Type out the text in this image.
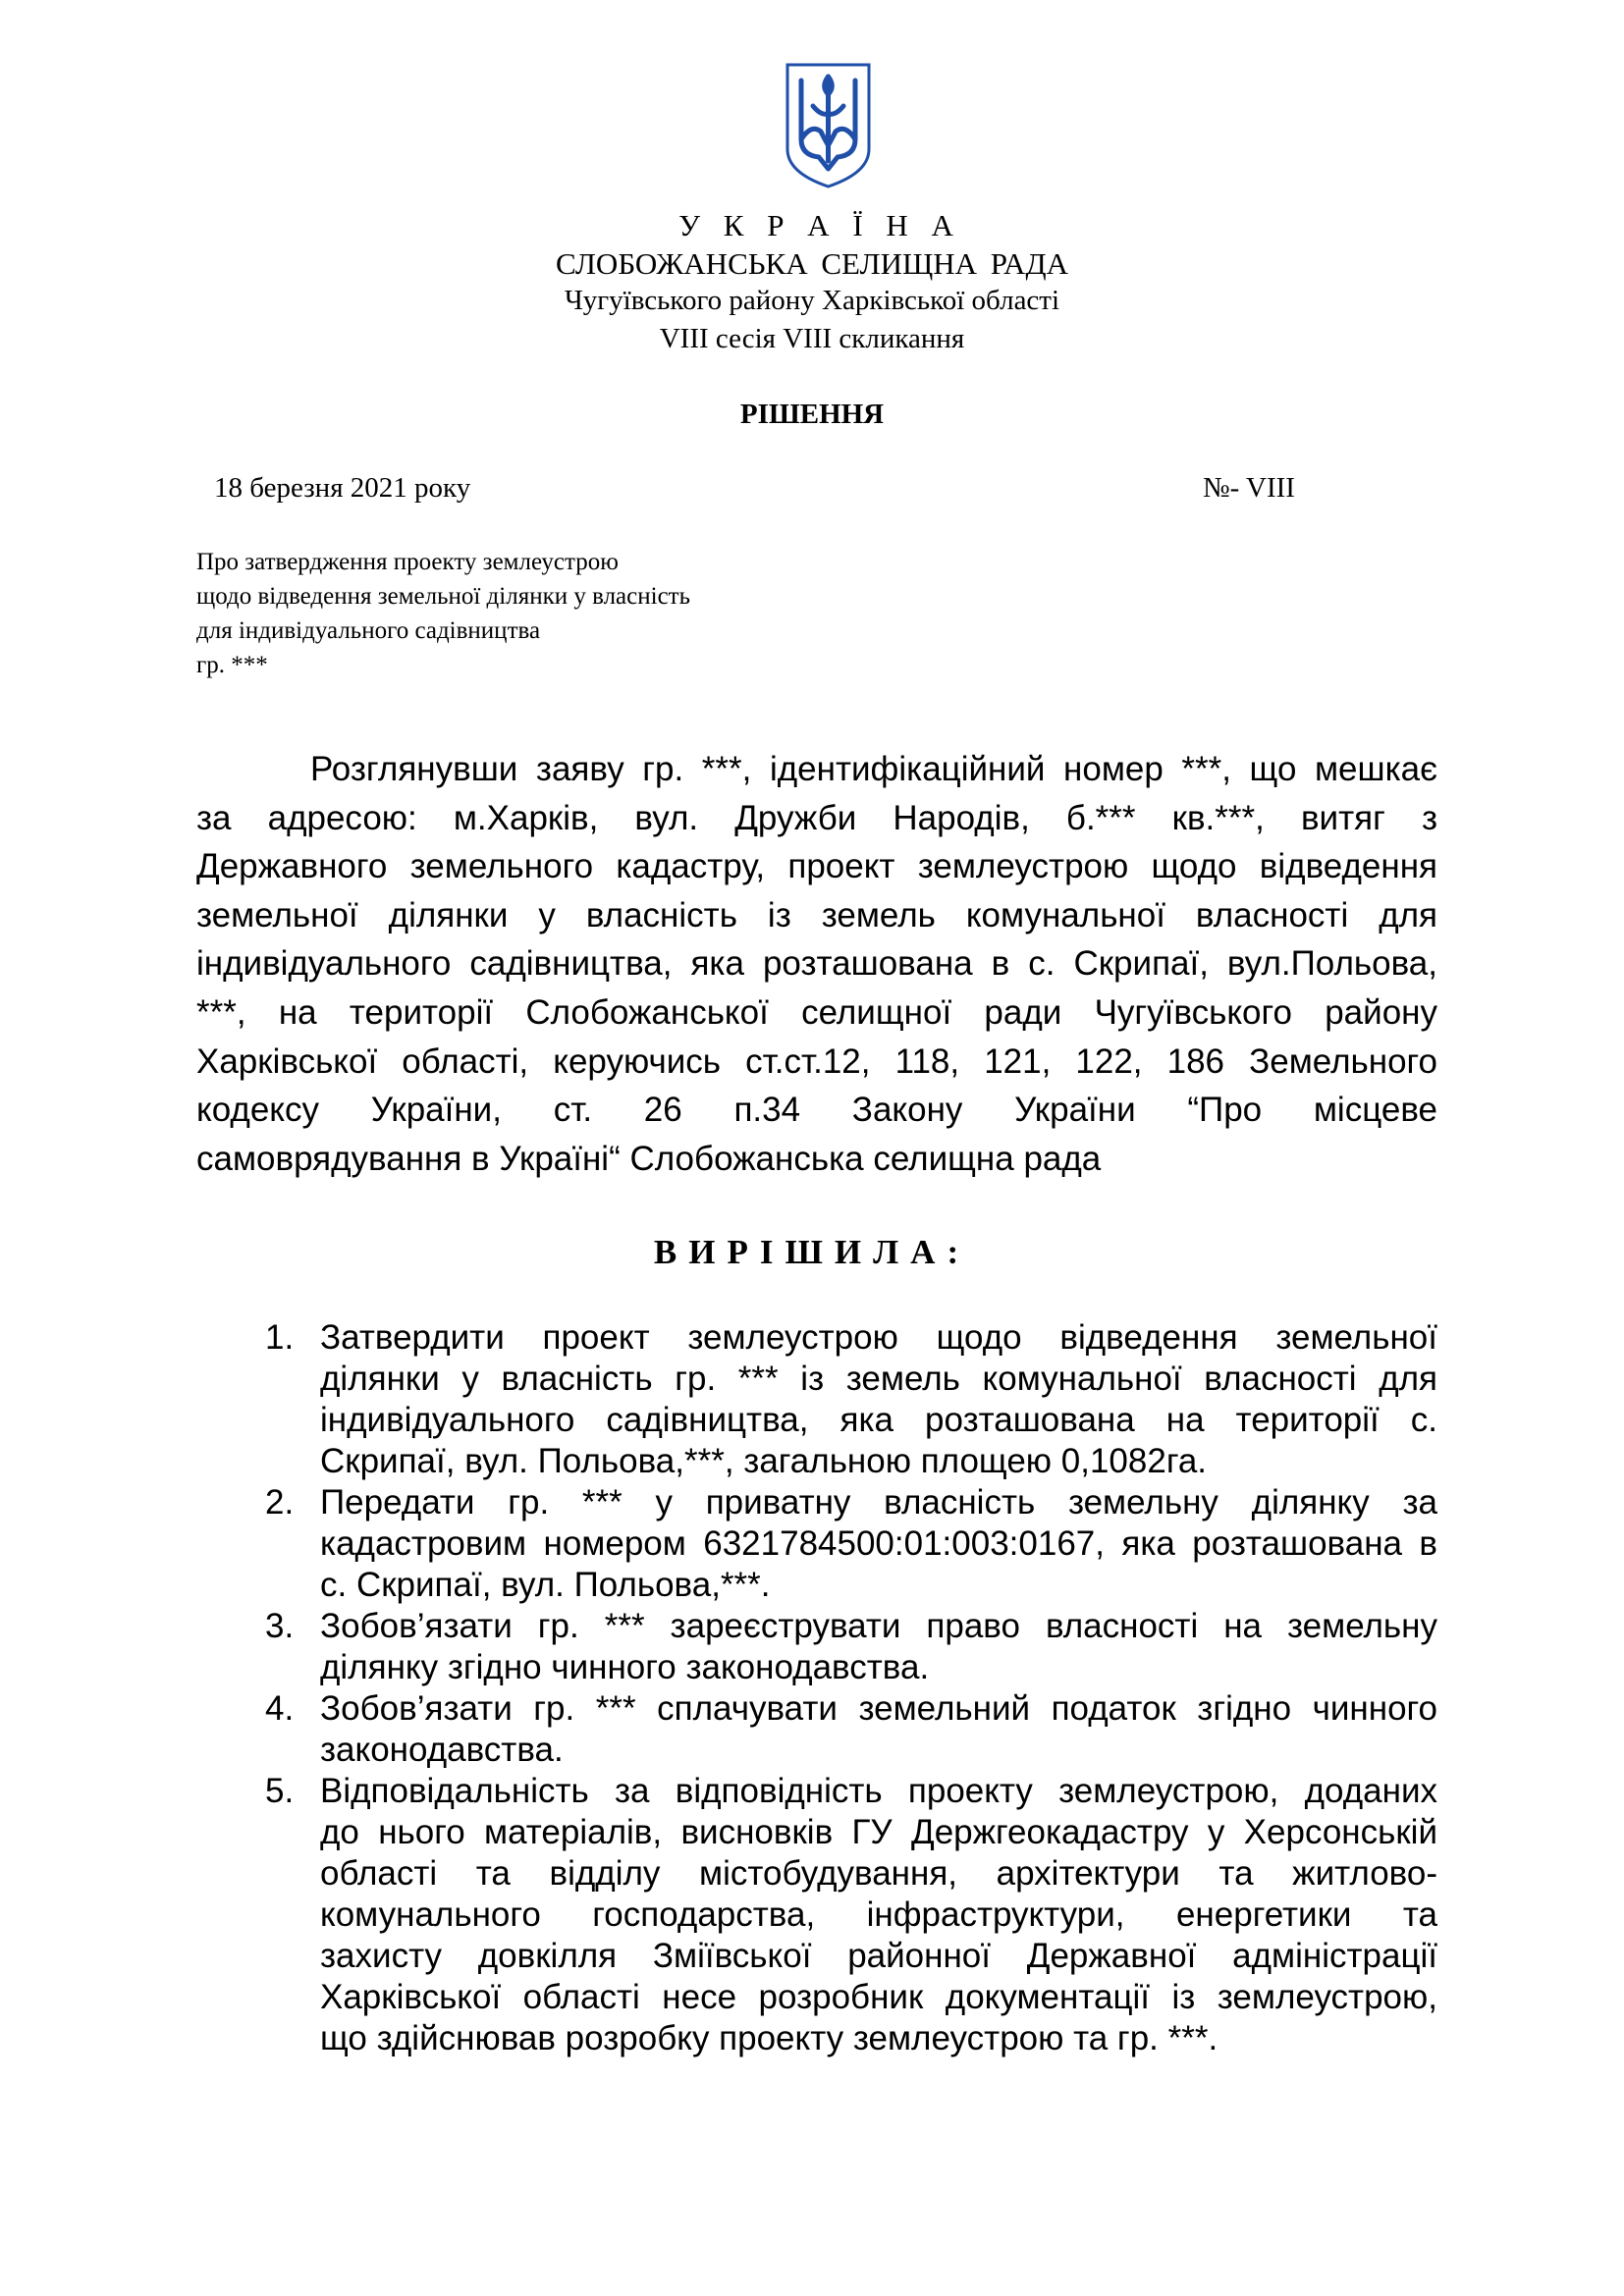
У К Р А Ї Н А
СЛОБОЖАНСЬКА СЕЛИЩНА РАДА
Чугуївського району Харківської області
VIII сесія VIII скликання
РІШЕННЯ
18 березня 2021 року	№- VIII
Про затвердження проекту землеустрою
щодо відведення земельної ділянки у власність
для індивідуального садівництва
гр. ***
Розглянувши заяву гр. ***, ідентифікаційний номер ***, що мешкає
за адресою: м.Харків, вул. Дружби Народів, б.*** кв.***, витяг з
Державного земельного кадастру, проект землеустрою щодо відведення
земельної ділянки у власність із земель комунальної власності для
індивідуального садівництва, яка розташована в с. Скрипаї, вул.Польова,
***, на території Слобожанської селищної ради Чугуївського району
Харківської області, керуючись ст.ст.12, 118, 121, 122, 186 Земельного
кодексу України, ст. 26 п.34 Закону України “Про місцеве
самоврядування в Україні“ Слобожанська селищна рада
ВИРІШИЛА:
1. Затвердити проект землеустрою щодо відведення земельної
ділянки у власність гр. *** із земель комунальної власності для
індивідуального садівництва, яка розташована на території с.
Скрипаї, вул. Польова,***, загальною площею 0,1082га.
2. Передати гр. *** у приватну власність земельну ділянку за
кадастровим номером 6321784500:01:003:0167, яка розташована в
с. Скрипаї, вул. Польова,***.
3. Зобов’язати гр. *** зареєструвати право власності на земельну
ділянку згідно чинного законодавства.
4. Зобов’язати гр. *** сплачувати земельний податок згідно чинного
законодавства.
5. Відповідальність за відповідність проекту землеустрою, доданих
до нього матеріалів, висновків ГУ Держгеокадастру у Херсонській
області та відділу містобудування, архітектури та житлово-
комунального господарства, інфраструктури, енергетики та
захисту довкілля Зміївської районної Державної адміністрації
Харківської області несе розробник документації із землеустрою,
що здійснював розробку проекту землеустрою та гр. ***.
